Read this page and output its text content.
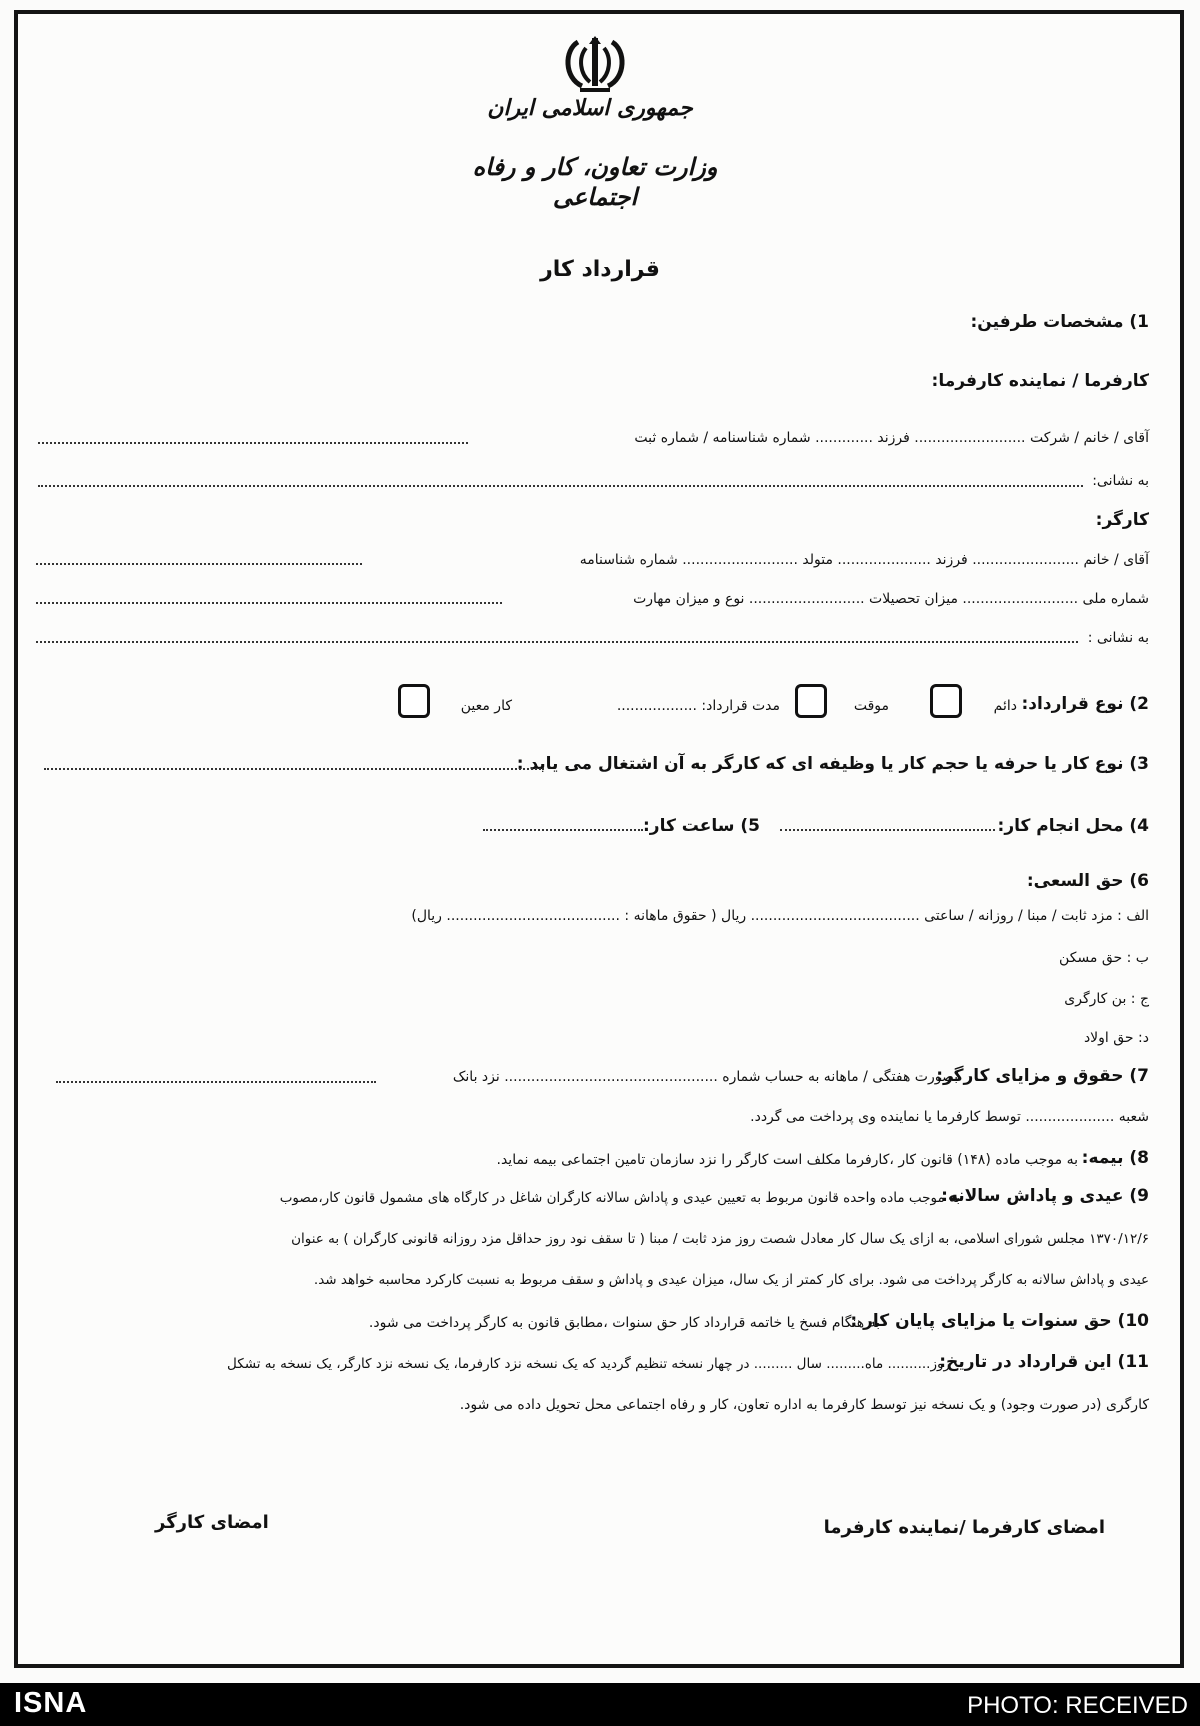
جمهوری اسلامی ایران
وزارت تعاون، کار و رفاه اجتماعی
قرارداد کار
1) مشخصات طرفین:
کارفرما / نماینده کارفرما:
آقای / خانم / شرکت ......................... فرزند ............. شماره شناسنامه / شماره ثبت
به نشانی:
کارگر:
آقای / خانم ........................ فرزند ..................... متولد .......................... شماره شناسنامه
شماره ملی .......................... میزان تحصیلات .......................... نوع و میزان مهارت
به نشانی :
2) نوع قرارداد:
دائم
موقت
مدت قرارداد: ..................
کار معین
3) نوع کار یا حرفه یا حجم کار یا وظیفه ای که کارگر به آن اشتغال می یابد :
4) محل انجام کار:
5) ساعت کار:
6) حق السعی:
الف : مزد ثابت / مبنا / روزانه / ساعتی ...................................... ریال ( حقوق ماهانه : ....................................... ریال)
ب : حق مسکن
ج : بن کارگری
د: حق اولاد
7) حقوق و مزایای کارگر:
بصورت هفتگی / ماهانه به حساب شماره ................................................ نزد بانک
شعبه .................... توسط کارفرما یا نماینده وی پرداخت می گردد.
8) بیمه:
به موجب ماده (۱۴۸) قانون کار ،کارفرما مکلف است کارگر را نزد سازمان تامین اجتماعی بیمه نماید.
9) عیدی و پاداش سالانه:
به موجب ماده واحده قانون مربوط به تعیین عیدی و پاداش سالانه کارگران شاغل در کارگاه های مشمول قانون کار،مصوب
۱۳۷۰/۱۲/۶ مجلس شورای اسلامی، به ازای یک سال کار معادل شصت روز مزد ثابت / مبنا ( تا سقف نود روز حداقل مزد روزانه قانونی کارگران ) به عنوان
عیدی و پاداش سالانه به کارگر پرداخت می شود. برای کار کمتر از یک سال، میزان عیدی و پاداش و سقف مربوط به نسبت کارکرد محاسبه خواهد شد.
10) حق سنوات یا مزایای پایان کار :
به هنگام فسخ یا خاتمه قرارداد کار حق سنوات ،مطابق قانون به کارگر پرداخت می شود.
11) این قرارداد در تاریخ:
روز.......... ماه......... سال ......... در چهار نسخه تنظیم گردید که یک نسخه نزد کارفرما، یک نسخه نزد کارگر، یک نسخه به تشکل
کارگری (در صورت وجود) و یک نسخه نیز توسط کارفرما به اداره تعاون، کار و رفاه اجتماعی محل تحویل داده می شود.
امضای کارفرما /نماینده کارفرما
امضای کارگر
ISNA	PHOTO: RECEIVED
